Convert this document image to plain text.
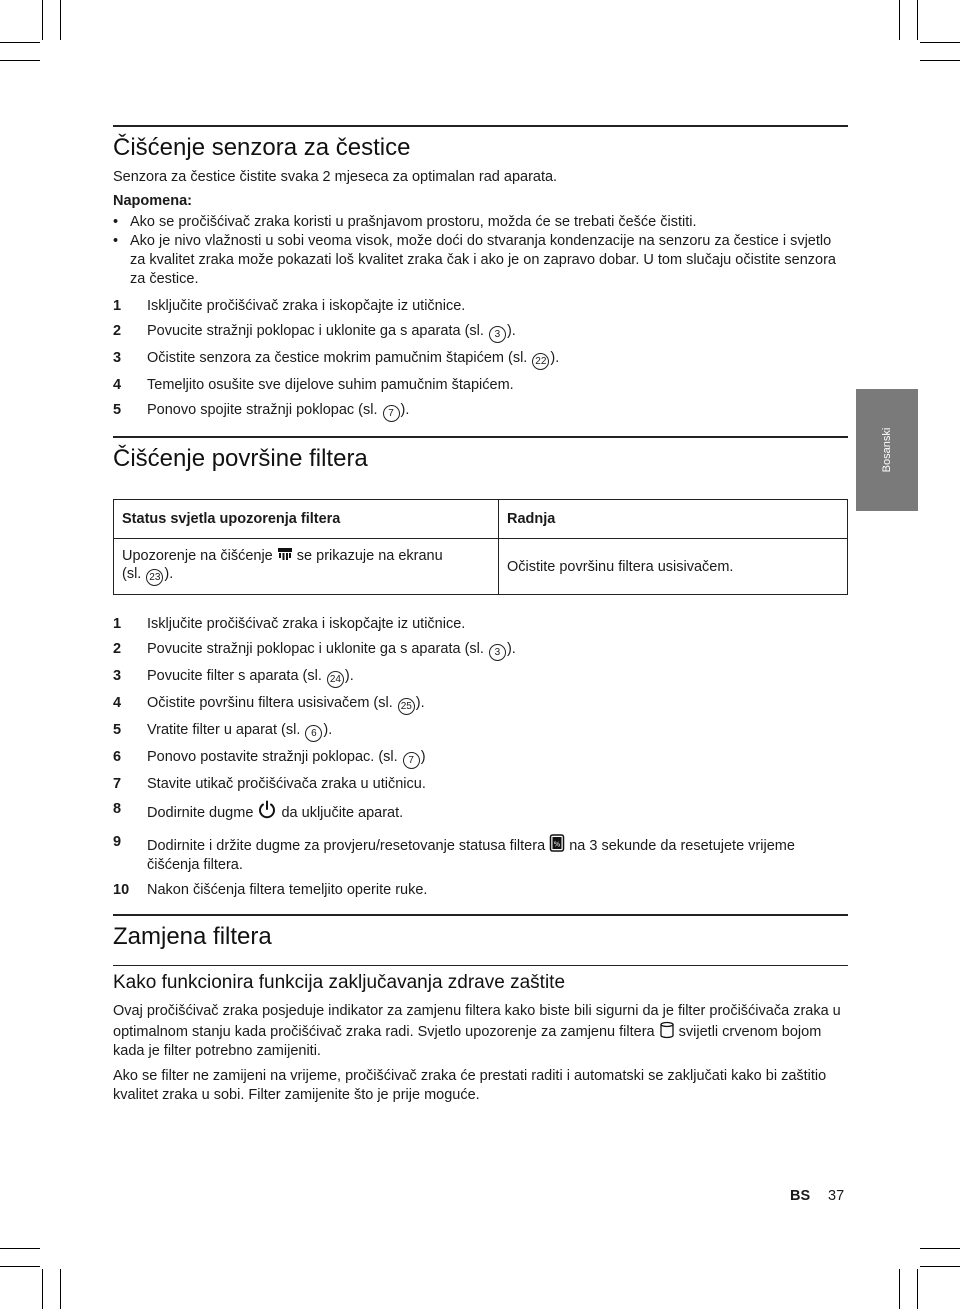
Bosanski
Čišćenje senzora za čestice

Senzora za čestice čistite svaka 2 mjeseca za optimalan rad aparata.

Napomena:
• Ako se pročišćivač zraka koristi u prašnjavom prostoru, možda će se trebati češće čistiti.
• Ako je nivo vlažnosti u sobi veoma visok, može doći do stvaranja kondenzacije na senzoru za čestice i svjetlo za kvalitet zraka može pokazati loš kvalitet zraka čak i ako je on zapravo dobar. U tom slučaju očistite senzora za čestice.
1	Isključite pročišćivač zraka i iskopčajte iz utičnice.
2	Povucite stražnji poklopac i uklonite ga s aparata (sl. 3 ).
3	Očistite senzora za čestice mokrim pamučnim štapićem (sl. 22 ).
4	Temeljito osušite sve dijelove suhim pamučnim štapićem.
5	Ponovo spojite stražnji poklopac (sl. 7 ).
Čišćenje površine filtera
Status svjetla upozorenja filtera	Radnja
Upozorenje na čišćenje se prikazuje na ekranu
(sl. 23 ).	Očistite površinu filtera usisivačem.
1	Isključite pročišćivač zraka i iskopčajte iz utičnice.
2	Povucite stražnji poklopac i uklonite ga s aparata (sl. 3 ).
3	Povucite filter s aparata (sl. 24 ).
4	Očistite površinu filtera usisivačem (sl. 25 ).
5	Vratite filter u aparat (sl. 6 ).
6	Ponovo postavite stražnji poklopac. (sl. 7 )
7	Stavite utikač pročišćivača zraka u utičnicu.
8	Dodirnite dugme da uključite aparat.
9	Dodirnite i držite dugme za provjeru/resetovanje statusa filtera % na 3 sekunde da resetujete vrijeme čišćenja filtera.
10	Nakon čišćenja filtera temeljito operite ruke.
Zamjena filtera
Kako funkcionira funkcija zaključavanja zdrave zaštite

Ovaj pročišćivač zraka posjeduje indikator za zamjenu filtera kako biste bili sigurni da je filter pročišćivača zraka u optimalnom stanju kada pročišćivač zraka radi. Svjetlo upozorenje za zamjenu filtera svijetli crvenom bojom kada je filter potrebno zamijeniti.

Ako se filter ne zamijeni na vrijeme, pročišćivač zraka će prestati raditi i automatski se zaključati kako bi zaštitio kvalitet zraka u sobi. Filter zamijenite što je prije moguće.

BS 37
